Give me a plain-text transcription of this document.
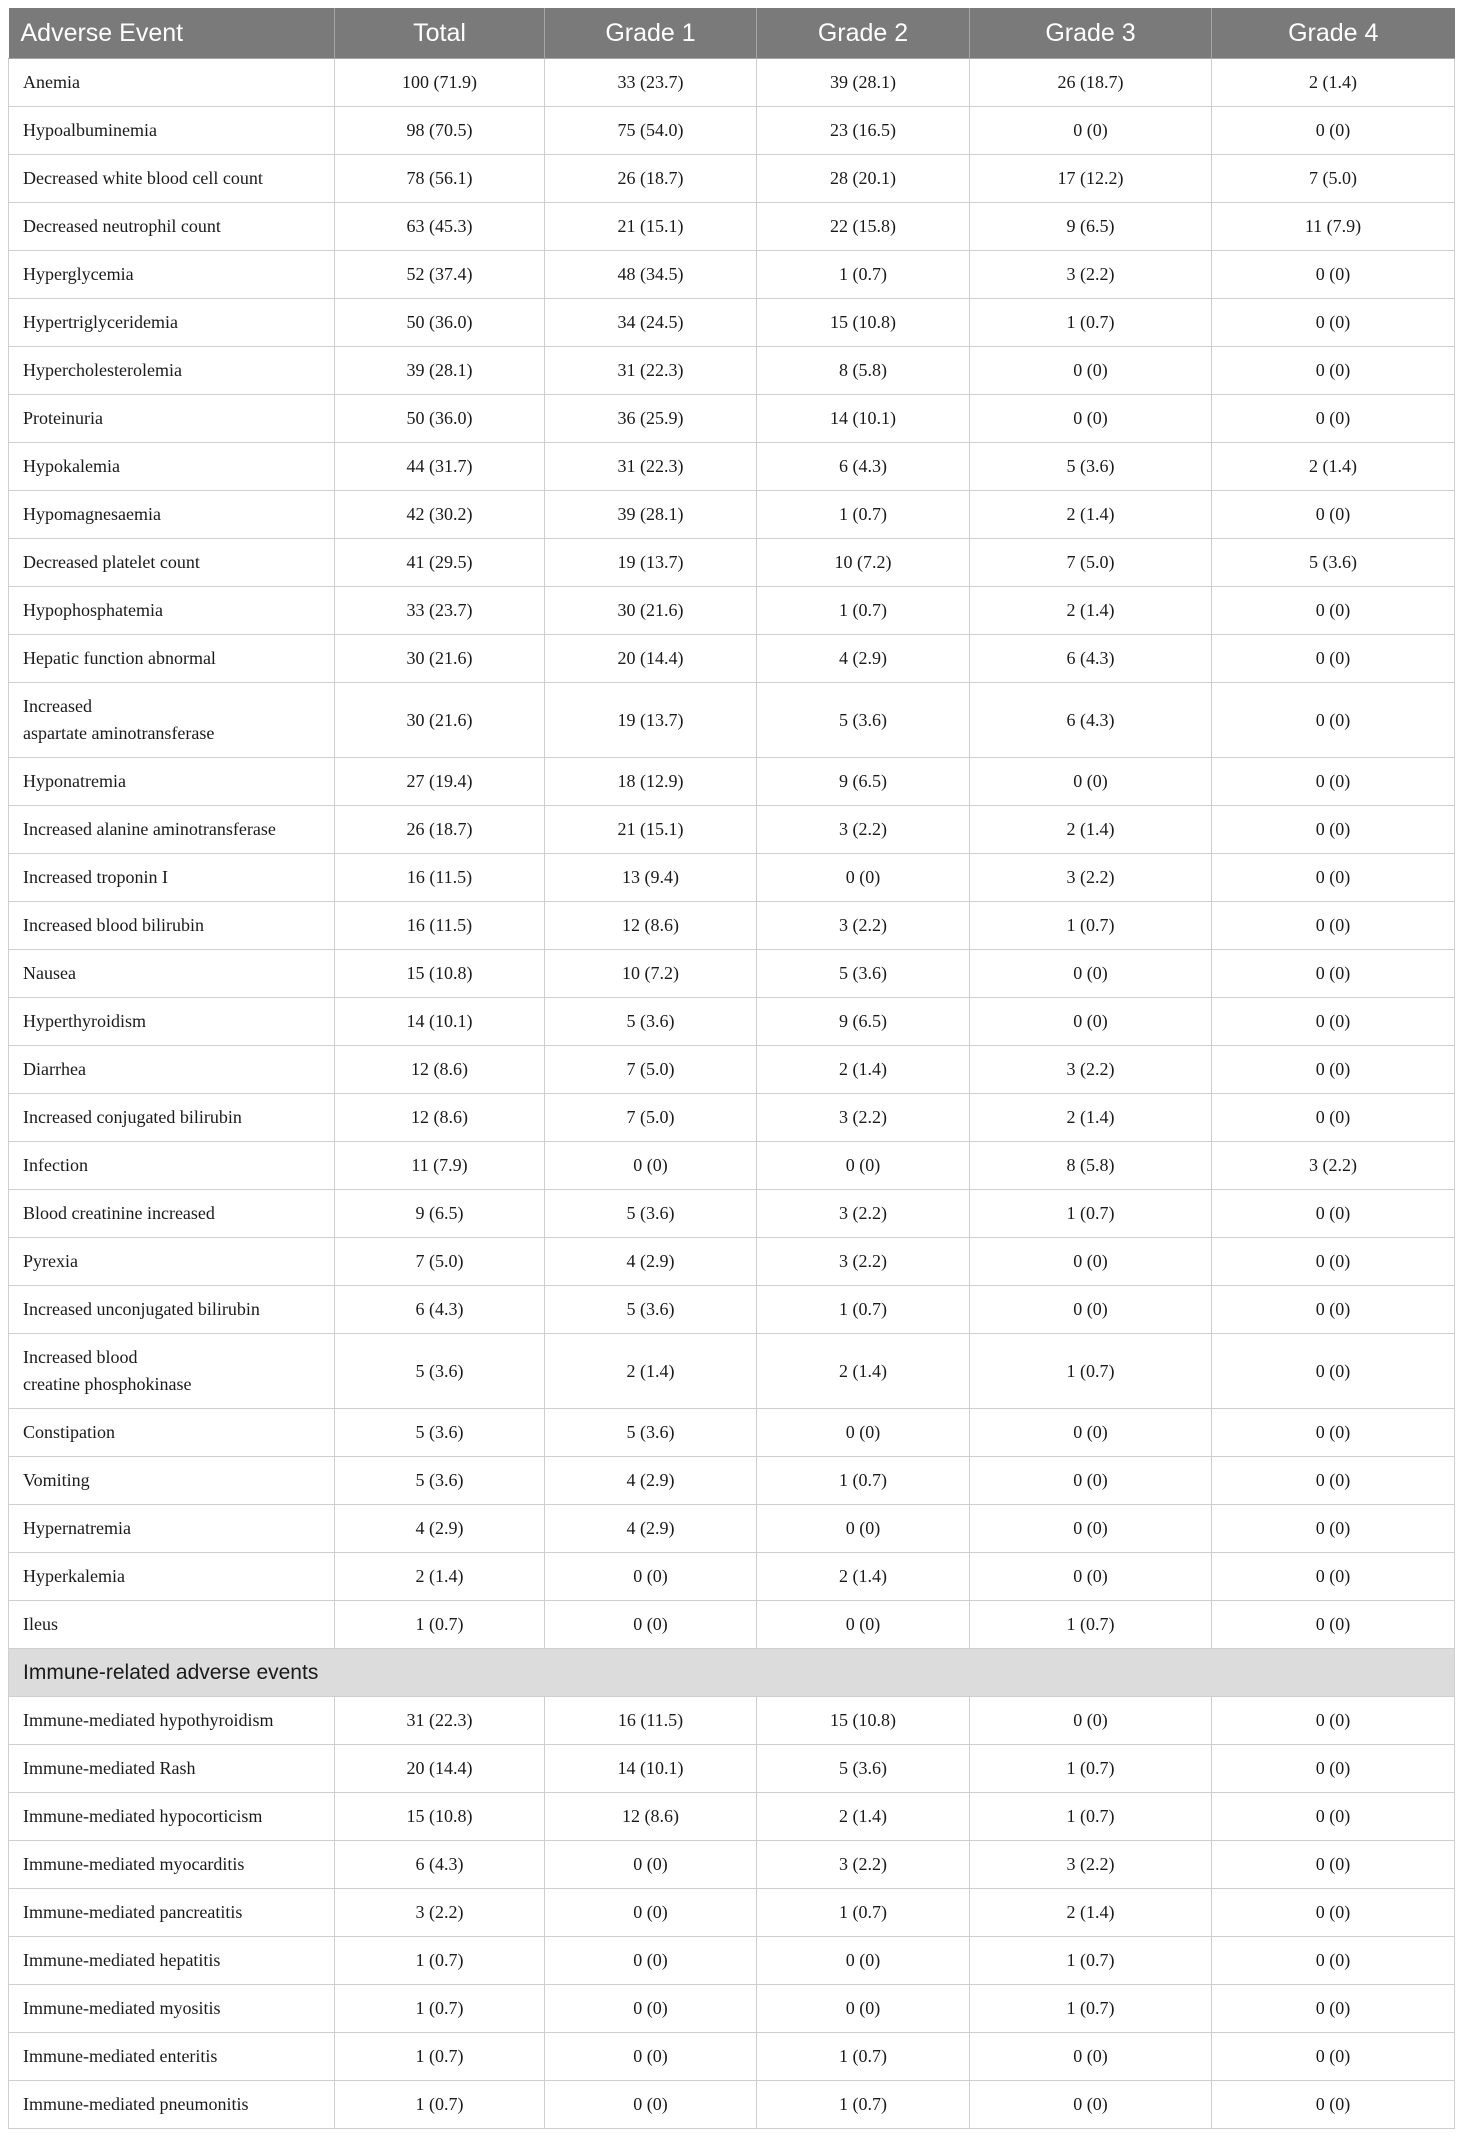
Adverse Event	Total	Grade 1	Grade 2	Grade 3	Grade 4
Anemia	100 (71.9)	33 (23.7)	39 (28.1)	26 (18.7)	2 (1.4)
Hypoalbuminemia	98 (70.5)	75 (54.0)	23 (16.5)	0 (0)	0 (0)
Decreased white blood cell count	78 (56.1)	26 (18.7)	28 (20.1)	17 (12.2)	7 (5.0)
Decreased neutrophil count	63 (45.3)	21 (15.1)	22 (15.8)	9 (6.5)	11 (7.9)
Hyperglycemia	52 (37.4)	48 (34.5)	1 (0.7)	3 (2.2)	0 (0)
Hypertriglyceridemia	50 (36.0)	34 (24.5)	15 (10.8)	1 (0.7)	0 (0)
Hypercholesterolemia	39 (28.1)	31 (22.3)	8 (5.8)	0 (0)	0 (0)
Proteinuria	50 (36.0)	36 (25.9)	14 (10.1)	0 (0)	0 (0)
Hypokalemia	44 (31.7)	31 (22.3)	6 (4.3)	5 (3.6)	2 (1.4)
Hypomagnesaemia	42 (30.2)	39 (28.1)	1 (0.7)	2 (1.4)	0 (0)
Decreased platelet count	41 (29.5)	19 (13.7)	10 (7.2)	7 (5.0)	5 (3.6)
Hypophosphatemia	33 (23.7)	30 (21.6)	1 (0.7)	2 (1.4)	0 (0)
Hepatic function abnormal	30 (21.6)	20 (14.4)	4 (2.9)	6 (4.3)	0 (0)

Increased
aspartate aminotransferase	30 (21.6)	19 (13.7)	5 (3.6)	6 (4.3)	0 (0)
Hyponatremia	27 (19.4)	18 (12.9)	9 (6.5)	0 (0)	0 (0)
Increased alanine aminotransferase	26 (18.7)	21 (15.1)	3 (2.2)	2 (1.4)	0 (0)
Increased troponin I	16 (11.5)	13 (9.4)	0 (0)	3 (2.2)	0 (0)
Increased blood bilirubin	16 (11.5)	12 (8.6)	3 (2.2)	1 (0.7)	0 (0)
Nausea	15 (10.8)	10 (7.2)	5 (3.6)	0 (0)	0 (0)
Hyperthyroidism	14 (10.1)	5 (3.6)	9 (6.5)	0 (0)	0 (0)
Diarrhea	12 (8.6)	7 (5.0)	2 (1.4)	3 (2.2)	0 (0)
Increased conjugated bilirubin	12 (8.6)	7 (5.0)	3 (2.2)	2 (1.4)	0 (0)
Infection	11 (7.9)	0 (0)	0 (0)	8 (5.8)	3 (2.2)
Blood creatinine increased	9 (6.5)	5 (3.6)	3 (2.2)	1 (0.7)	0 (0)
Pyrexia	7 (5.0)	4 (2.9)	3 (2.2)	0 (0)	0 (0)
Increased unconjugated bilirubin	6 (4.3)	5 (3.6)	1 (0.7)	0 (0)	0 (0)

Increased blood
creatine phosphokinase	5 (3.6)	2 (1.4)	2 (1.4)	1 (0.7)	0 (0)
Constipation	5 (3.6)	5 (3.6)	0 (0)	0 (0)	0 (0)
Vomiting	5 (3.6)	4 (2.9)	1 (0.7)	0 (0)	0 (0)
Hypernatremia	4 (2.9)	4 (2.9)	0 (0)	0 (0)	0 (0)
Hyperkalemia	2 (1.4)	0 (0)	2 (1.4)	0 (0)	0 (0)
Ileus	1 (0.7)	0 (0)	0 (0)	1 (0.7)	0 (0)
Immune-related adverse events					
Immune-mediated hypothyroidism	31 (22.3)	16 (11.5)	15 (10.8)	0 (0)	0 (0)
Immune-mediated Rash	20 (14.4)	14 (10.1)	5 (3.6)	1 (0.7)	0 (0)
Immune-mediated hypocorticism	15 (10.8)	12 (8.6)	2 (1.4)	1 (0.7)	0 (0)
Immune-mediated myocarditis	6 (4.3)	0 (0)	3 (2.2)	3 (2.2)	0 (0)
Immune-mediated pancreatitis	3 (2.2)	0 (0)	1 (0.7)	2 (1.4)	0 (0)
Immune-mediated hepatitis	1 (0.7)	0 (0)	0 (0)	1 (0.7)	0 (0)
Immune-mediated myositis	1 (0.7)	0 (0)	0 (0)	1 (0.7)	0 (0)
Immune-mediated enteritis	1 (0.7)	0 (0)	1 (0.7)	0 (0)	0 (0)
Immune-mediated pneumonitis	1 (0.7)	0 (0)	1 (0.7)	0 (0)	0 (0)
